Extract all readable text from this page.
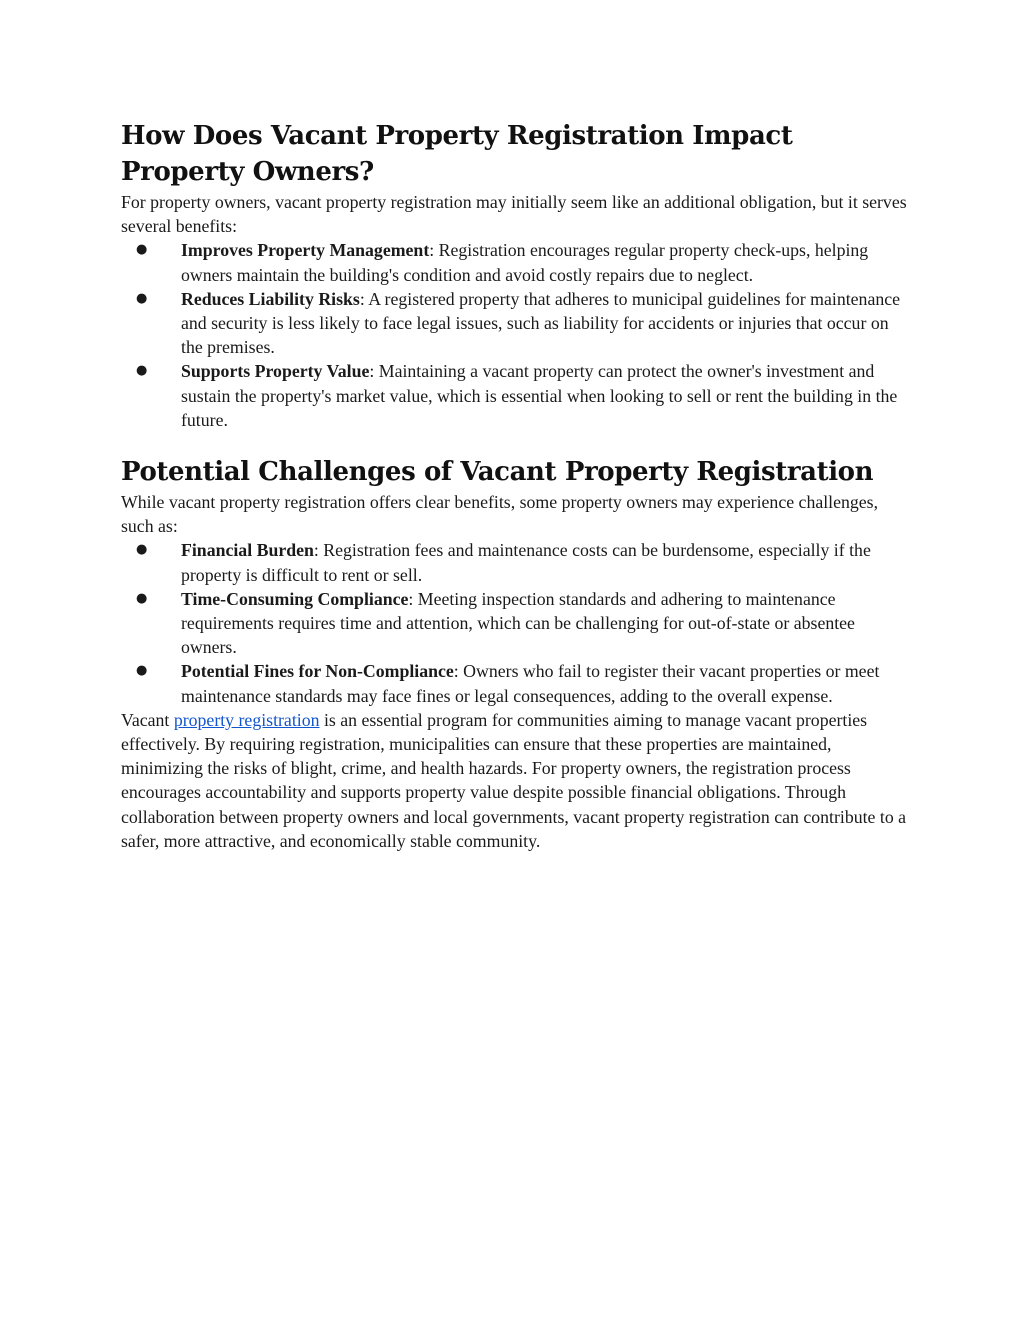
How Does Vacant Property Registration Impact Property Owners?

For property owners, vacant property registration may initially seem like an additional obligation, but it serves several benefits:

● Improves Property Management: Registration encourages regular property check-ups, helping owners maintain the building's condition and avoid costly repairs due to neglect.
● Reduces Liability Risks: A registered property that adheres to municipal guidelines for maintenance and security is less likely to face legal issues, such as liability for accidents or injuries that occur on the premises.
● Supports Property Value: Maintaining a vacant property can protect the owner's investment and sustain the property's market value, which is essential when looking to sell or rent the building in the future.
Potential Challenges of Vacant Property Registration

While vacant property registration offers clear benefits, some property owners may experience challenges, such as:

● Financial Burden: Registration fees and maintenance costs can be burdensome, especially if the property is difficult to rent or sell.
● Time-Consuming Compliance: Meeting inspection standards and adhering to maintenance requirements requires time and attention, which can be challenging for out-of-state or absentee owners.
● Potential Fines for Non-Compliance: Owners who fail to register their vacant properties or meet maintenance standards may face fines or legal consequences, adding to the overall expense.

Vacant property registration is an essential program for communities aiming to manage vacant properties effectively. By requiring registration, municipalities can ensure that these properties are maintained, minimizing the risks of blight, crime, and health hazards. For property owners, the registration process encourages accountability and supports property value despite possible financial obligations. Through collaboration between property owners and local governments, vacant property registration can contribute to a safer, more attractive, and economically stable community.
